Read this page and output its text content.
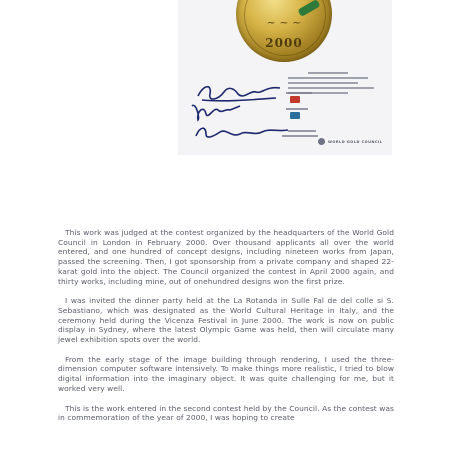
~ ~ ~
2000
WORLD GOLD COUNCIL

This work was judged at the contest organized by the headquarters of the World Gold Council in London in February 2000. Over thousand applicants all over the world entered, and one hundred of concept designs, including nineteen works from Japan, passed the screening. Then, I got sponsorship from a private company and shaped 22-karat gold into the object. The Council organized the contest in April 2000 again, and thirty works, including mine, out of onehundred designs won the first prize.

I was invited the dinner party held at the La Rotanda in Sulle Fal de del colle si S. Sebastiano, which was designated as the World Cultural Heritage in Italy, and the ceremony held during the Vicenza Festival in June 2000. The work is now on public display in Sydney, where the latest Olympic Game was held, then will circulate many jewel exhibition spots over the world.

From the early stage of the image building through rendering, I used the three-dimension computer software intensively. To make things more realistic, I tried to blow digital information into the imaginary object. It was quite challenging for me, but it worked very well.

This is the work entered in the second contest held by the Council. As the contest was in commemoration of the year of 2000, I was hoping to create
